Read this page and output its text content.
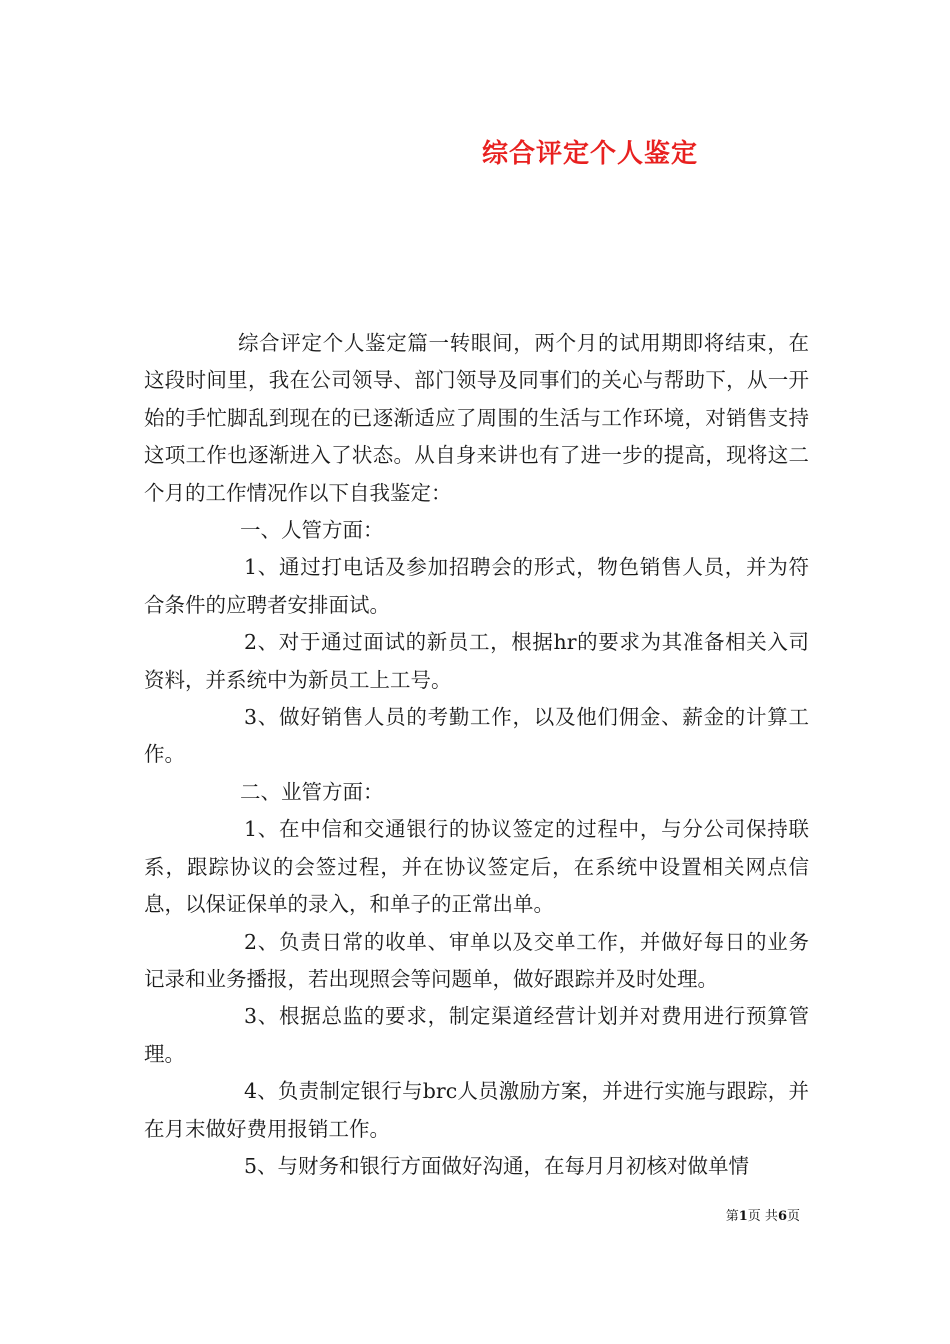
综合评定个人鉴定

综合评定个人鉴定篇一转眼间，两个月的试用期即将结束，在这段时间里，我在公司领导、部门领导及同事们的关心与帮助下，从一开始的手忙脚乱到现在的已逐渐适应了周围的生活与工作环境，对销售支持这项工作也逐渐进入了状态。从自身来讲也有了进一步的提高，现将这二个月的工作情况作以下自我鉴定：

一、人管方面：

1、通过打电话及参加招聘会的形式，物色销售人员，并为符合条件的应聘者安排面试。

2、对于通过面试的新员工，根据hr的要求为其准备相关入司资料，并系统中为新员工上工号。

3、做好销售人员的考勤工作，以及他们佣金、薪金的计算工作。

二、业管方面：

1、在中信和交通银行的协议签定的过程中，与分公司保持联系，跟踪协议的会签过程，并在协议签定后，在系统中设置相关网点信息，以保证保单的录入，和单子的正常出单。

2、负责日常的收单、审单以及交单工作，并做好每日的业务记录和业务播报，若出现照会等问题单，做好跟踪并及时处理。

3、根据总监的要求，制定渠道经营计划并对费用进行预算管理。

4、负责制定银行与brc人员激励方案，并进行实施与跟踪，并在月末做好费用报销工作。

5、与财务和银行方面做好沟通，在每月月初核对做单情

第1页 共6页
